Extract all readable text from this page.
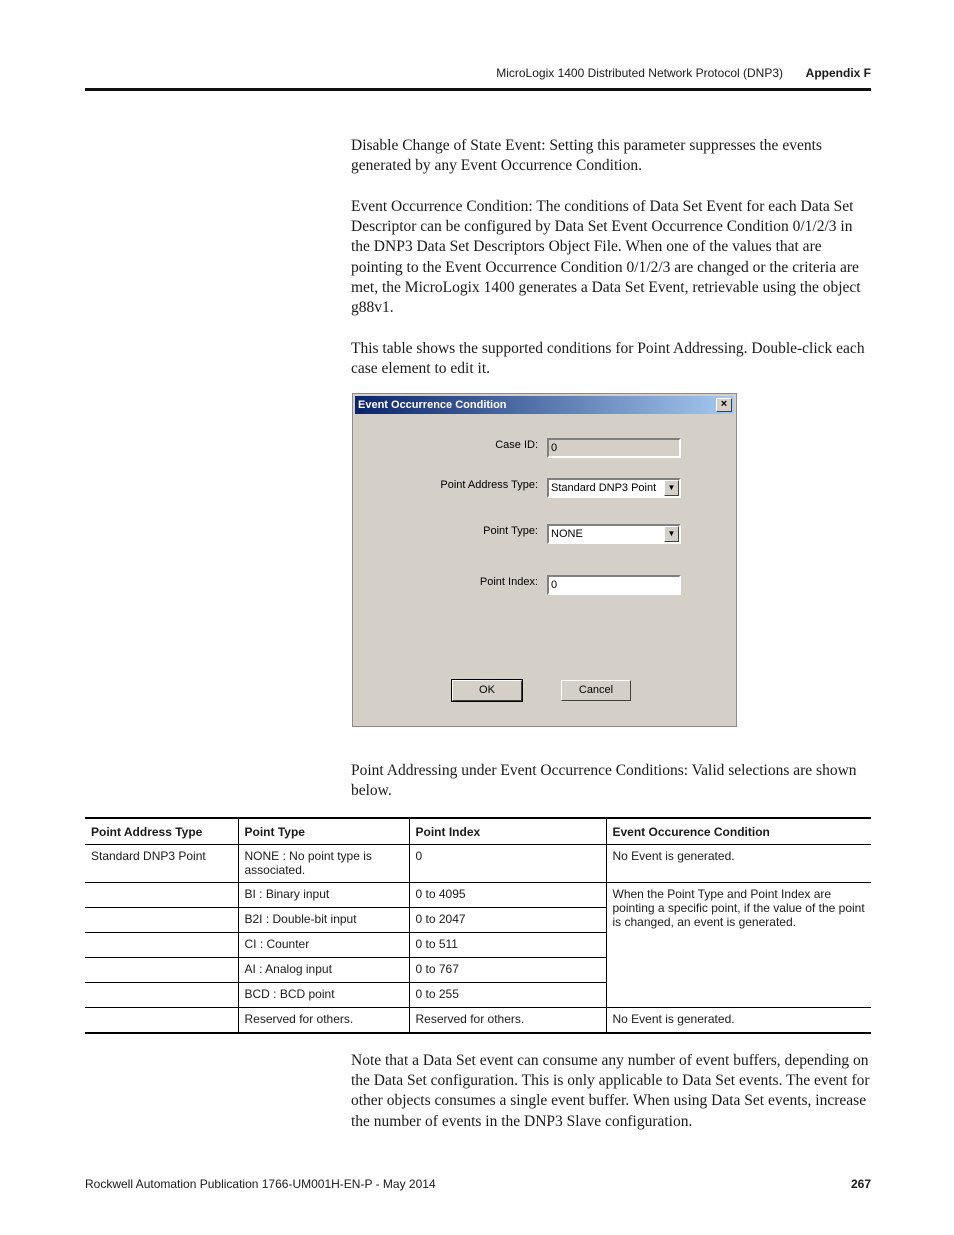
MicroLogix 1400 Distributed Network Protocol (DNP3) Appendix F

Disable Change of State Event: Setting this parameter suppresses the events generated by any Event Occurrence Condition.

Event Occurrence Condition: The conditions of Data Set Event for each Data Set Descriptor can be configured by Data Set Event Occurrence Condition 0/1/2/3 in the DNP3 Data Set Descriptors Object File. When one of the values that are pointing to the Event Occurrence Condition 0/1/2/3 are changed or the criteria are met, the MicroLogix 1400 generates a Data Set Event, retrievable using the object g88v1.

This table shows the supported conditions for Point Addressing. Double-click each case element to edit it.

Event Occurrence Condition	×
Case ID:	0
Point Address Type:	Standard DNP3 Point	▼
Point Type:	NONE	▼
Point Index:	0
OK	Cancel

Point Addressing under Event Occurrence Conditions: Valid selections are shown below.

Point Address Type	Point Type	Point Index	Event Occurence Condition
Standard DNP3 Point	NONE : No point type is associated.	0	No Event is generated.
	BI : Binary input	0 to 4095	When the Point Type and Point Index are pointing a specific point, if the value of the point is changed, an event is generated.
	B2I : Double-bit input	0 to 2047	
	CI : Counter	0 to 511	
	AI : Analog input	0 to 767	
	BCD : BCD point	0 to 255	
	Reserved for others.	Reserved for others.	No Event is generated.

Note that a Data Set event can consume any number of event buffers, depending on the Data Set configuration. This is only applicable to Data Set events. The event for other objects consumes a single event buffer. When using Data Set events, increase the number of events in the DNP3 Slave configuration.

Rockwell Automation Publication 1766-UM001H-EN-P - May 2014	267
